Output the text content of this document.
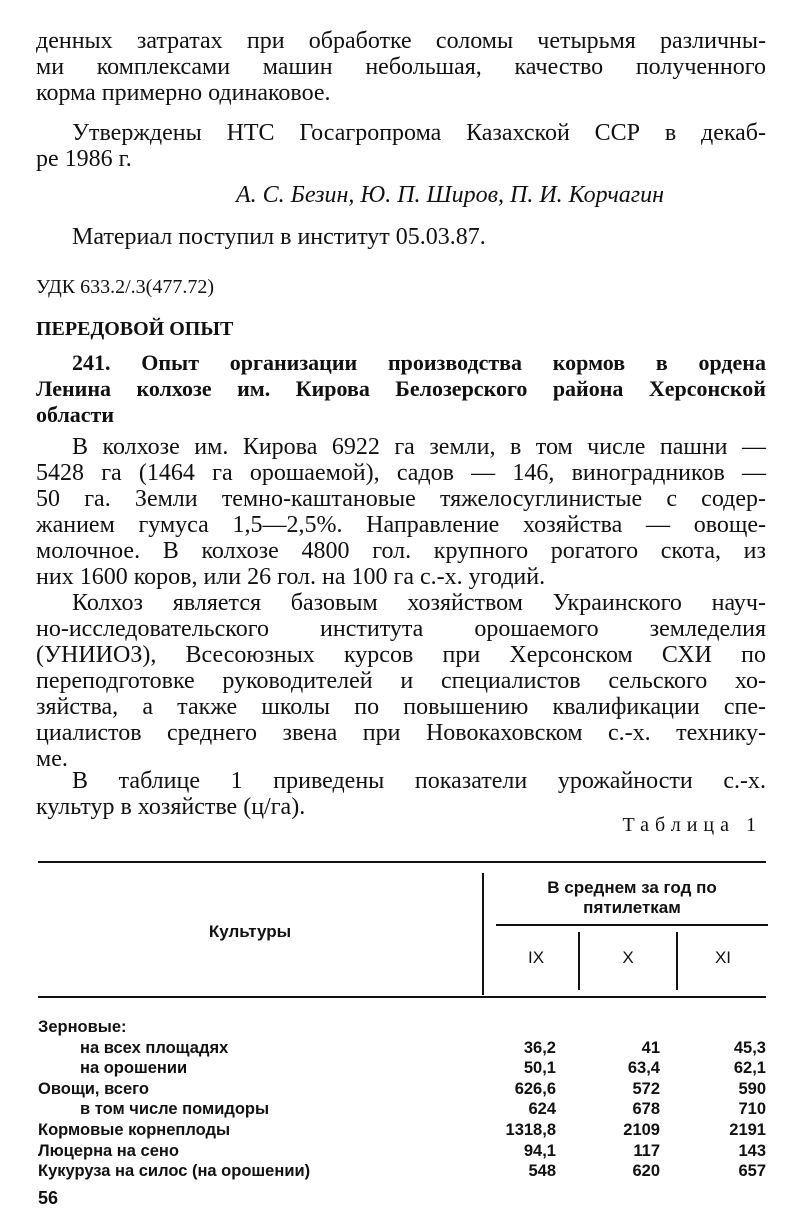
денных затратах при обработке соломы четырьмя различны-
ми комплексами машин небольшая, качество полученного
корма примерно одинаковое.
Утверждены НТС Госагропрома Казахской ССР в декаб-
ре 1986 г.
А. С. Безин, Ю. П. Широв, П. И. Корчагин
Материал поступил в институт 05.03.87.
УДК 633.2/.3(477.72)
ПЕРЕДОВОЙ ОПЫТ
241. Опыт организации производства кормов в ордена
Ленина колхозе им. Кирова Белозерского района Херсонской
области
В колхозе им. Кирова 6922 га земли, в том числе пашни —
5428 га (1464 га орошаемой), садов — 146, виноградников —
50 га. Земли темно-каштановые тяжелосуглинистые с содер-
жанием гумуса 1,5—2,5%. Направление хозяйства — овоще-
молочное. В колхозе 4800 гол. крупного рогатого скота, из
них 1600 коров, или 26 гол. на 100 га с.-х. угодий.
Колхоз является базовым хозяйством Украинского науч-
но-исследовательского института орошаемого земледелия
(УНИИОЗ), Всесоюзных курсов при Херсонском СХИ по
переподготовке руководителей и специалистов сельского хо-
зяйства, а также школы по повышению квалификации спе-
циалистов среднего звена при Новокаховском с.-х. технику-
ме.
В таблице 1 приведены показатели урожайности с.-х.
культур в хозяйстве (ц/га).
Таблица 1
Культуры
В среднем за год по
пятилеткам
IX	X	XI
Зерновые:
на всех площадях	36,2	41	45,3
на орошении	50,1	63,4	62,1
Овощи, всего	626,6	572	590
в том числе помидоры	624	678	710
Кормовые корнеплоды	1318,8	2109	2191
Люцерна на сено	94,1	117	143
Кукуруза на силос (на орошении)	548	620	657
56
